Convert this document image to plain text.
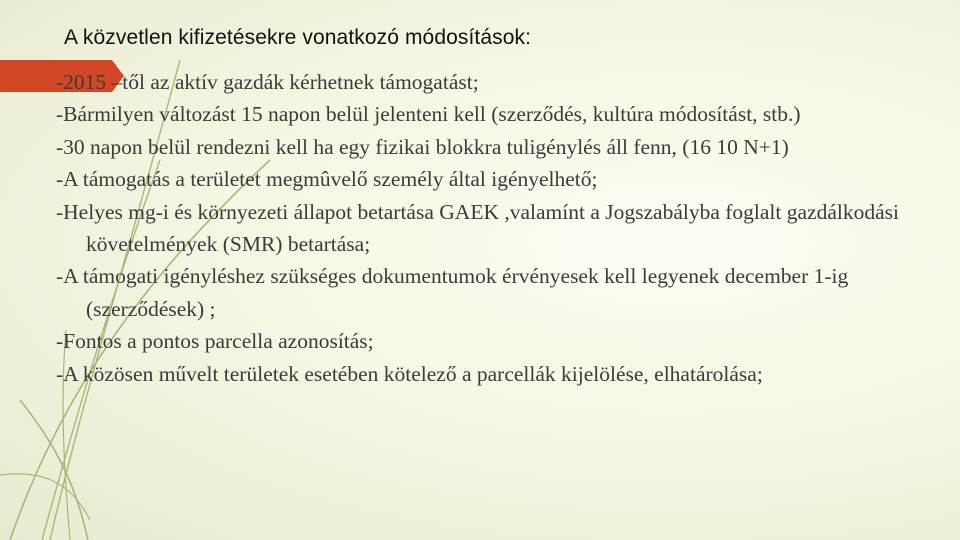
A közvetlen kifizetésekre vonatkozó módosítások:
-2015 –től az aktív gazdák kérhetnek támogatást;
-Bármilyen változást 15 napon belül jelenteni kell (szerződés, kultúra módosítást, stb.)
-30 napon belül rendezni kell ha egy fizikai blokkra tuligénylés áll fenn, (16 10 N+1)
-A támogatás a területet megmûvelő személy által igényelhető;
-Helyes mg-i és környezeti állapot betartása GAEK ,valamínt a Jogszabályba foglalt gazdálkodási követelmények (SMR) betartása;
-A támogati igényléshez szükséges dokumentumok érvényesek kell legyenek december 1-ig (szerződések) ;
-Fontos a pontos parcella azonosítás;
-A közösen művelt területek esetében kötelező a parcellák kijelölése, elhatárolása;
